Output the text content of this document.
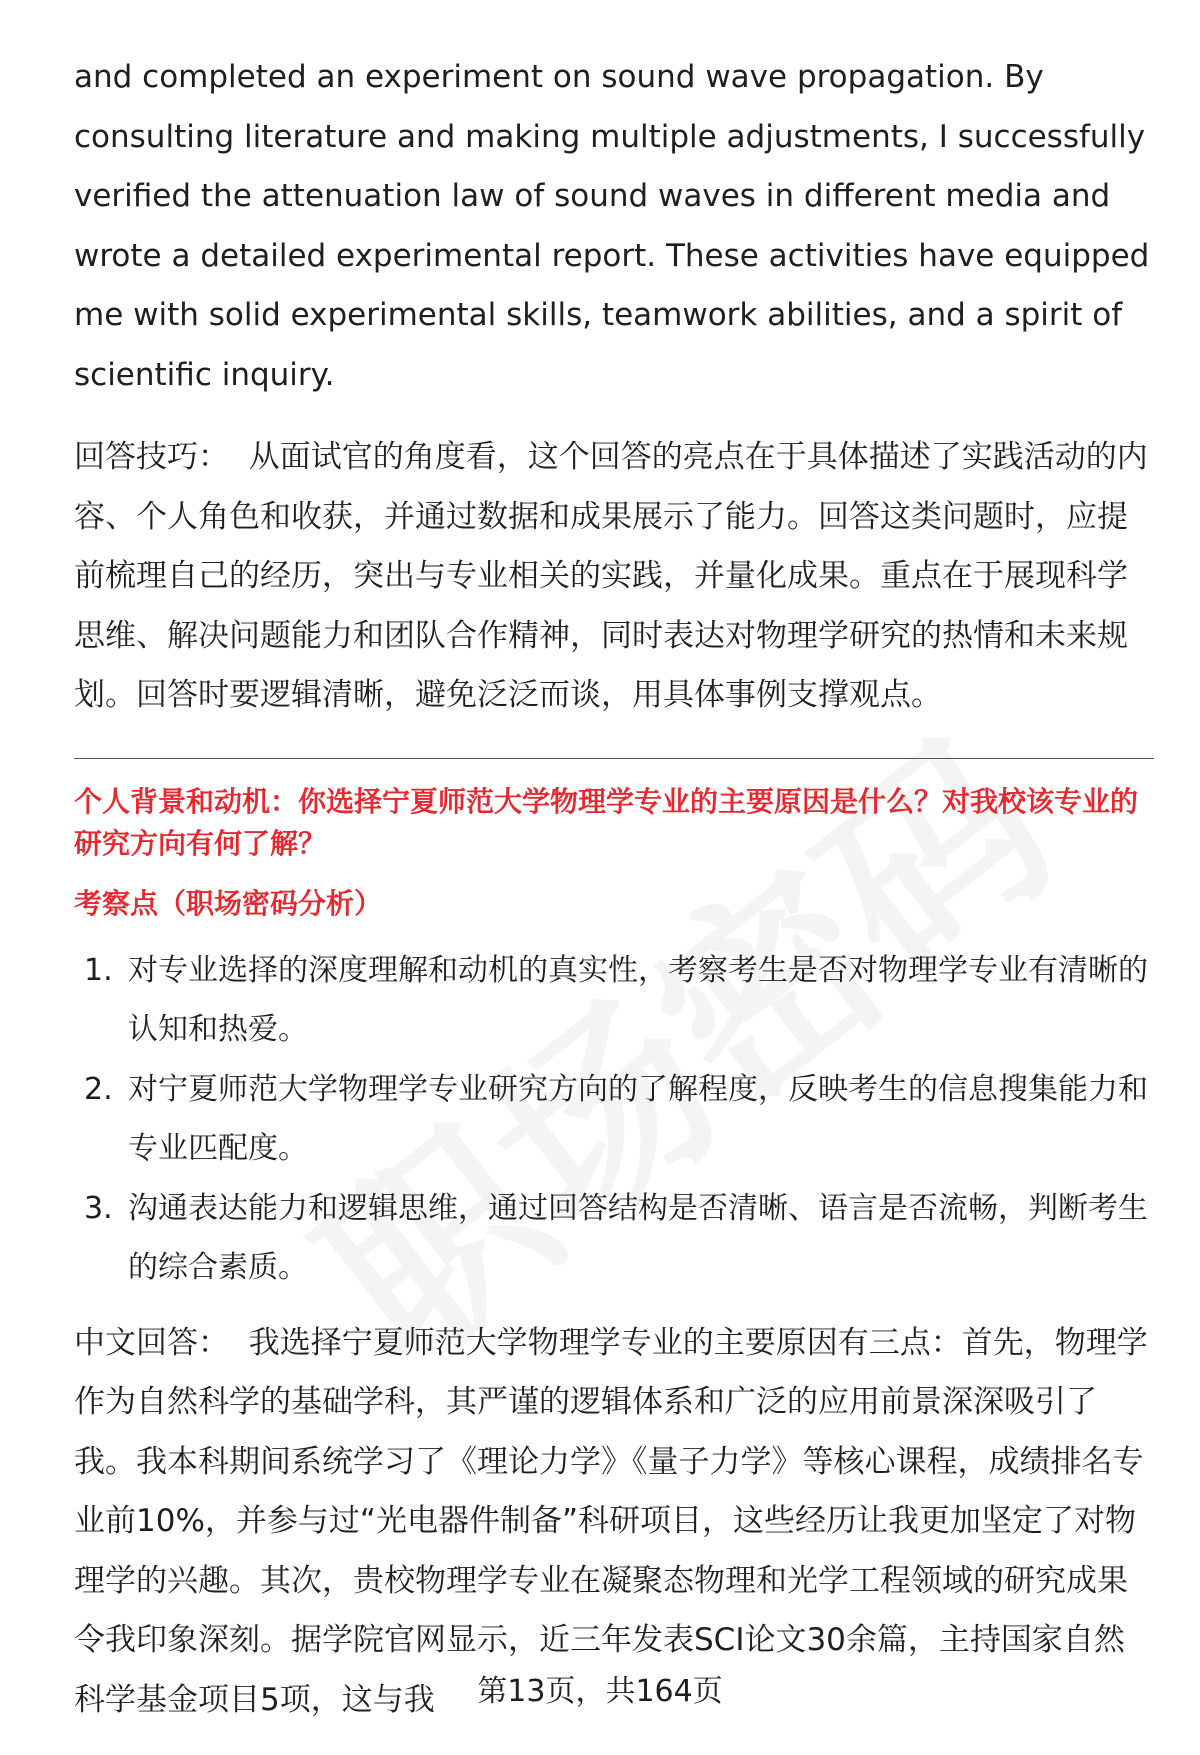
and completed an experiment on sound wave propagation. By consulting literature and making multiple adjustments, I successfully verified the attenuation law of sound waves in different media and wrote a detailed experimental report. These activities have equipped me with solid experimental skills, teamwork abilities, and a spirit of scientific inquiry.

回答技巧： 从面试官的角度看，这个回答的亮点在于具体描述了实践活动的内容、个人角色和收获，并通过数据和成果展示了能力。回答这类问题时，应提前梳理自己的经历，突出与专业相关的实践，并量化成果。重点在于展现科学思维、解决问题能力和团队合作精神，同时表达对物理学研究的热情和未来规划。回答时要逻辑清晰，避免泛泛而谈，用具体事例支撑观点。

个人背景和动机：你选择宁夏师范大学物理学专业的主要原因是什么？对我校该专业的研究方向有何了解？

考察点（职场密码分析）

1. 对专业选择的深度理解和动机的真实性，考察考生是否对物理学专业有清晰的认知和热爱。
2. 对宁夏师范大学物理学专业研究方向的了解程度，反映考生的信息搜集能力和专业匹配度。
3. 沟通表达能力和逻辑思维，通过回答结构是否清晰、语言是否流畅，判断考生的综合素质。

中文回答： 我选择宁夏师范大学物理学专业的主要原因有三点：首先，物理学作为自然科学的基础学科，其严谨的逻辑体系和广泛的应用前景深深吸引了我。我本科期间系统学习了《理论力学》《量子力学》等核心课程，成绩排名专业前10%，并参与过“光电器件制备”科研项目，这些经历让我更加坚定了对物理学的兴趣。其次，贵校物理学专业在凝聚态物理和光学工程领域的研究成果令我印象深刻。据学院官网显示，近三年发表SCI论文30余篇，主持国家自然科学基金项目5项，这与我	第13页，共164页
